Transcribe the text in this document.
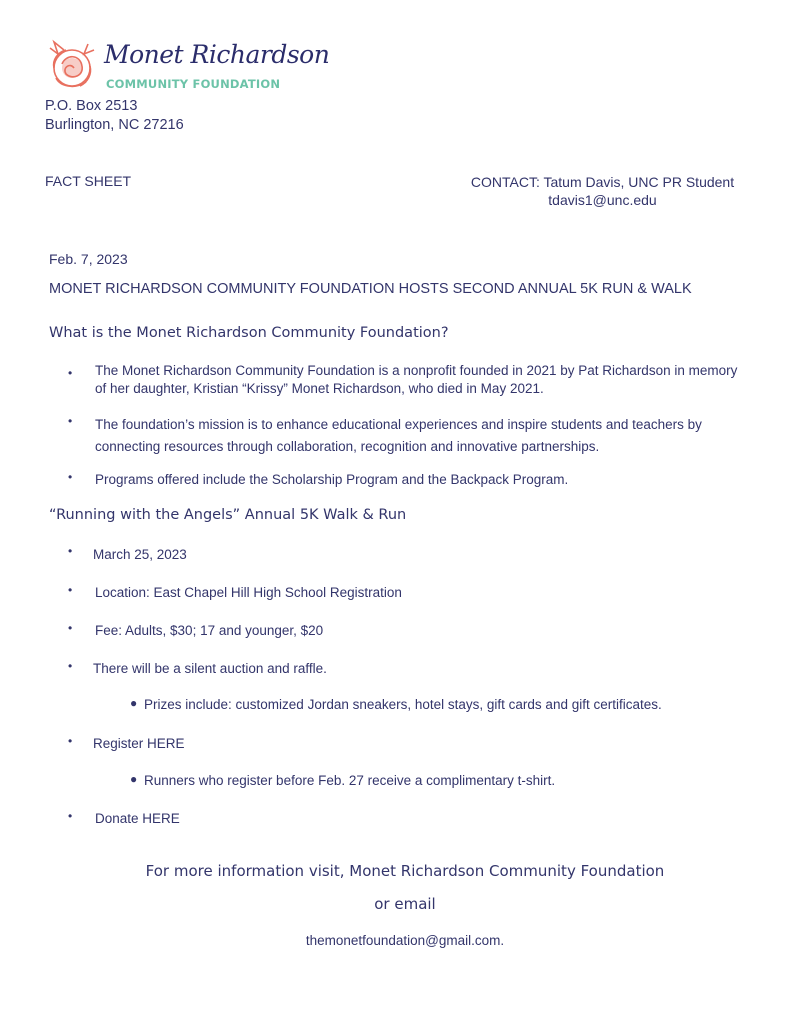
Monet Richardson
COMMUNITY FOUNDATION
P.O. Box 2513
Burlington, NC 27216
FACT SHEET	CONTACT: Tatum Davis, UNC PR Student
tdavis1@unc.edu
Feb. 7, 2023
MONET RICHARDSON COMMUNITY FOUNDATION HOSTS SECOND ANNUAL 5K RUN & WALK
What is the Monet Richardson Community Foundation?
• The Monet Richardson Community Foundation is a nonprofit founded in 2021 by Pat Richardson in memory of her daughter, Kristian “Krissy” Monet Richardson, who died in May 2021.
• The foundation’s mission is to enhance educational experiences and inspire students and teachers by connecting resources through collaboration, recognition and innovative partnerships.
• Programs offered include the Scholarship Program and the Backpack Program.
“Running with the Angels” Annual 5K Walk & Run
• March 25, 2023
• Location: East Chapel Hill High School Registration
• Fee: Adults, $30; 17 and younger, $20
• There will be a silent auction and raffle.
● Prizes include: customized Jordan sneakers, hotel stays, gift cards and gift certificates.
• Register HERE
● Runners who register before Feb. 27 receive a complimentary t-shirt.
• Donate HERE
For more information visit, Monet Richardson Community Foundation
or email
themonetfoundation@gmail.com.
